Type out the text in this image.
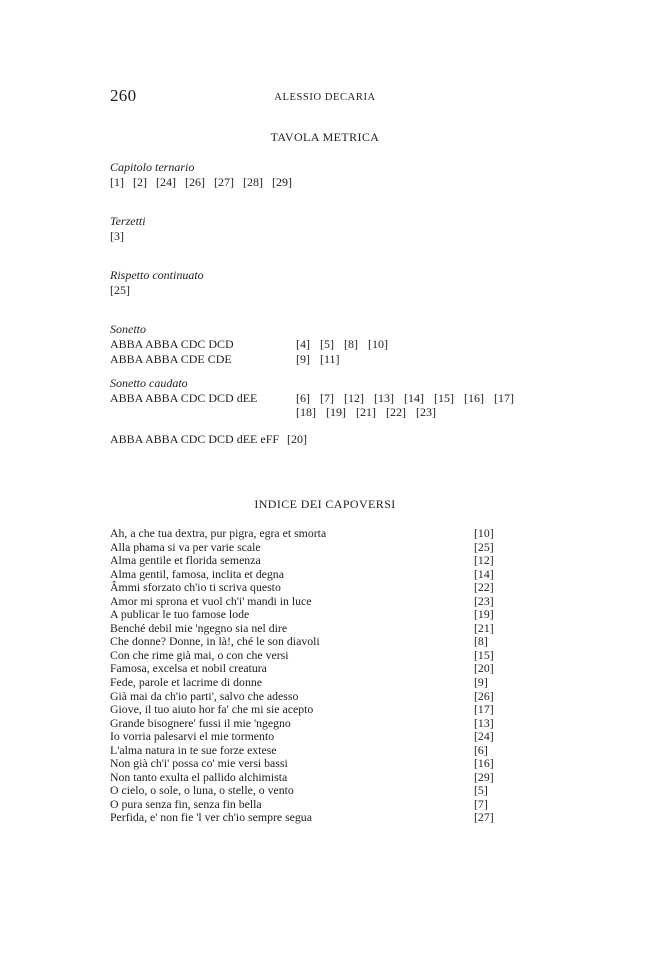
260	ALESSIO DECARIA
TAVOLA METRICA
Capitolo ternario
[1] [2] [24] [26] [27] [28] [29]
Terzetti
[3]
Rispetto continuato
[25]
Sonetto
ABBA ABBA CDC DCD	[4] [5] [8] [10]
ABBA ABBA CDE CDE	[9] [11]
Sonetto caudato
ABBA ABBA CDC DCD dEE	[6] [7] [12] [13] [14] [15] [16] [17]
[18] [19] [21] [22] [23]
ABBA ABBA CDC DCD dEE eFF [20]
INDICE DEI CAPOVERSI
Ah, a che tua dextra, pur pigra, egra et smorta	[10]
Alla phama si va per varie scale	[25]
Alma gentile et florida semenza	[12]
Alma gentil, famosa, inclita et degna	[14]
Âmmi sforzato ch'io ti scriva questo	[22]
Amor mi sprona et vuol ch'i' mandi in luce	[23]
A publicar le tuo famose lode	[19]
Benché debil mie 'ngegno sia nel dire	[21]
Che donne? Donne, in là!, ché le son diavoli	[8]
Con che rime già mai, o con che versi	[15]
Famosa, excelsa et nobil creatura	[20]
Fede, parole et lacrime di donne	[9]
Già mai da ch'io parti', salvo che adesso	[26]
Giove, il tuo aiuto hor fa' che mi sie acepto	[17]
Grande bisognere' fussi il mie 'ngegno	[13]
Io vorria palesarvi el mie tormento	[24]
L'alma natura in te sue forze extese	[6]
Non già ch'i' possa co' mie versi bassi	[16]
Non tanto exulta el pallido alchimista	[29]
O cielo, o sole, o luna, o stelle, o vento	[5]
O pura senza fin, senza fin bella	[7]
Perfida, e' non fie 'l ver ch'io sempre segua	[27]
